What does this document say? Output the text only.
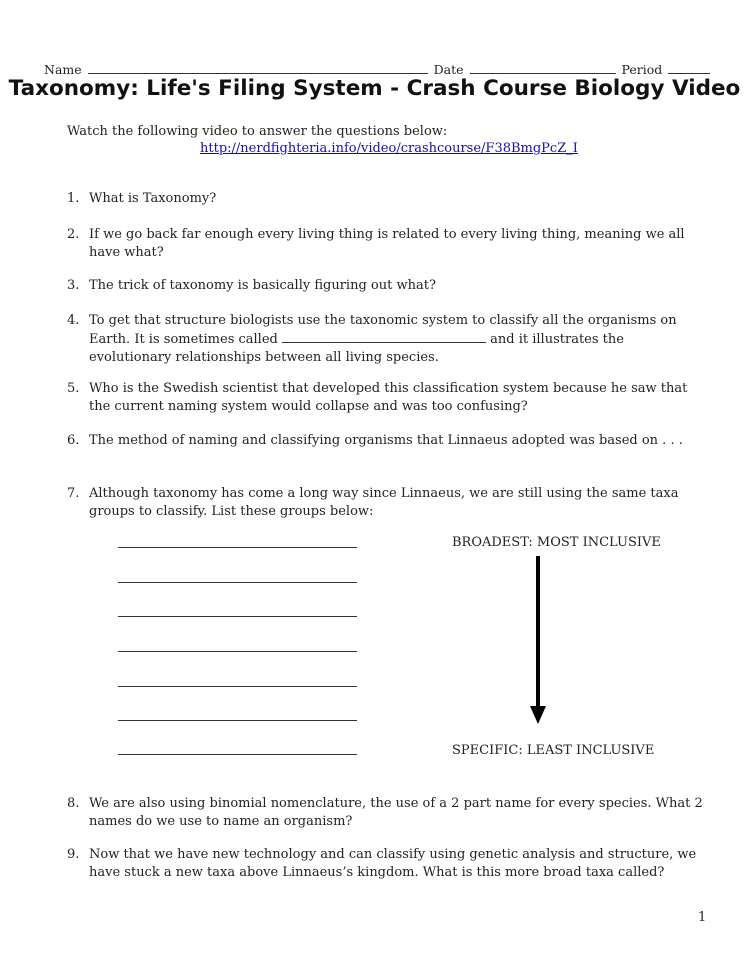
Name	Date	Period
Taxonomy: Life's Filing System - Crash Course Biology Video
Watch the following video to answer the questions below:
http://nerdfighteria.info/video/crashcourse/F38BmgPcZ_I
1. What is Taxonomy?
2. If we go back far enough every living thing is related to every living thing, meaning we all have what?
3. The trick of taxonomy is basically figuring out what?
4. To get that structure biologists use the taxonomic system to classify all the organisms on Earth. It is sometimes called	and it illustrates the evolutionary relationships between all living species.
5. Who is the Swedish scientist that developed this classification system because he saw that the current naming system would collapse and was too confusing?
6. The method of naming and classifying organisms that Linnaeus adopted was based on . . .
7. Although taxonomy has come a long way since Linnaeus, we are still using the same taxa groups to classify. List these groups below:
BROADEST: MOST INCLUSIVE
SPECIFIC: LEAST INCLUSIVE
8. We are also using binomial nomenclature, the use of a 2 part name for every species. What 2 names do we use to name an organism?
9. Now that we have new technology and can classify using genetic analysis and structure, we have stuck a new taxa above Linnaeus’s kingdom. What is this more broad taxa called?
1
